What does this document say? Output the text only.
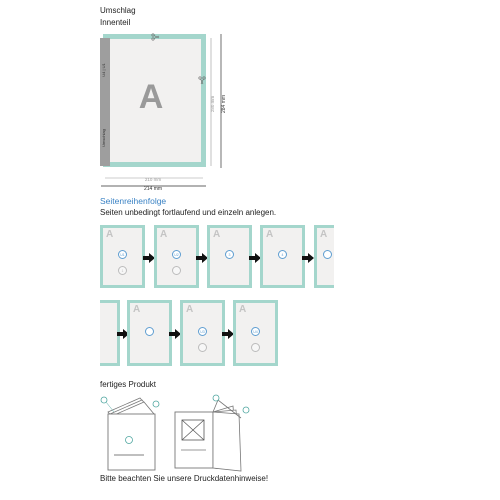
Umschlag
Innenteil
A
U4 | U1
Umschlag
280 mm 284 mm
210 mm
214 mm
Seitenreihenfolge
Seiten unbedingt fortlaufend und einzeln anlegen.
A
U1
1
A
U2
A
3
A
4
A
A	A
U3
A
U4
fertiges Produkt
Bitte beachten Sie unsere Druckdatenhinweise!
